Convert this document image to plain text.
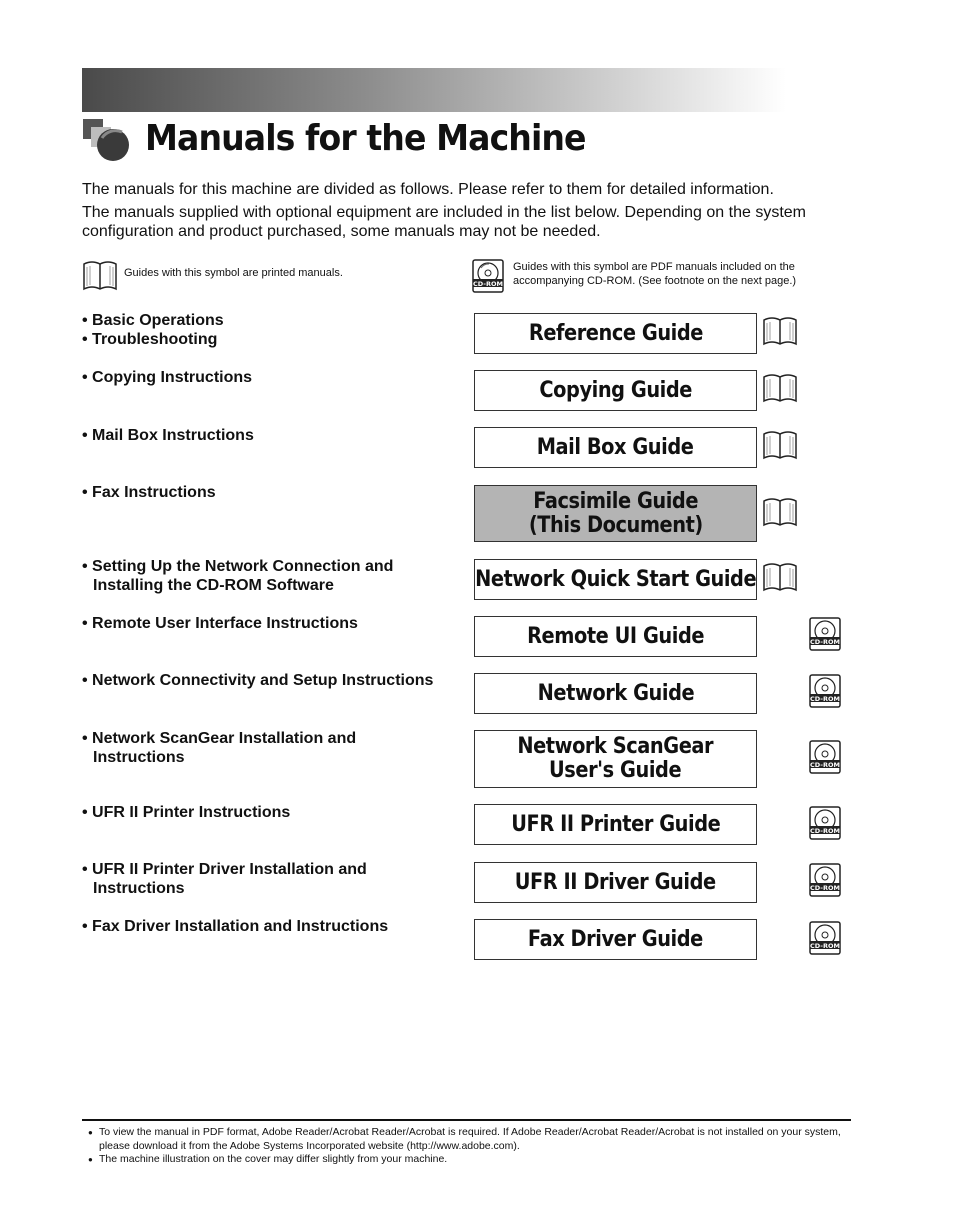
Manuals for the Machine

The manuals for this machine are divided as follows. Please refer to them for detailed information.

The manuals supplied with optional equipment are included in the list below. Depending on the system configuration and product purchased, some manuals may not be needed.

Guides with this symbol are printed manuals.

CD-ROM

Guides with this symbol are PDF manuals included on the accompanying CD-ROM. (See footnote on the next page.)

• Basic Operations
• Troubleshooting	Reference Guide
• Copying Instructions	Copying Guide
• Mail Box Instructions	Mail Box Guide
• Fax Instructions	Facsimile Guide
(This Document)
• Setting Up the Network Connection and
Installing the CD-ROM Software	Network Quick Start Guide
• Remote User Interface Instructions	Remote UI Guide	CD-ROM
• Network Connectivity and Setup Instructions	Network Guide	CD-ROM
• Network ScanGear Installation and
Instructions	Network ScanGear
User's Guide	CD-ROM
• UFR II Printer Instructions	UFR II Printer Guide	CD-ROM
• UFR II Printer Driver Installation and
Instructions	UFR II Driver Guide	CD-ROM
• Fax Driver Installation and Instructions	Fax Driver Guide	CD-ROM
● To view the manual in PDF format, Adobe Reader/Acrobat Reader/Acrobat is required. If Adobe Reader/Acrobat Reader/Acrobat is not installed on your system, please download it from the Adobe Systems Incorporated website (http://www.adobe.com).
● The machine illustration on the cover may differ slightly from your machine.
